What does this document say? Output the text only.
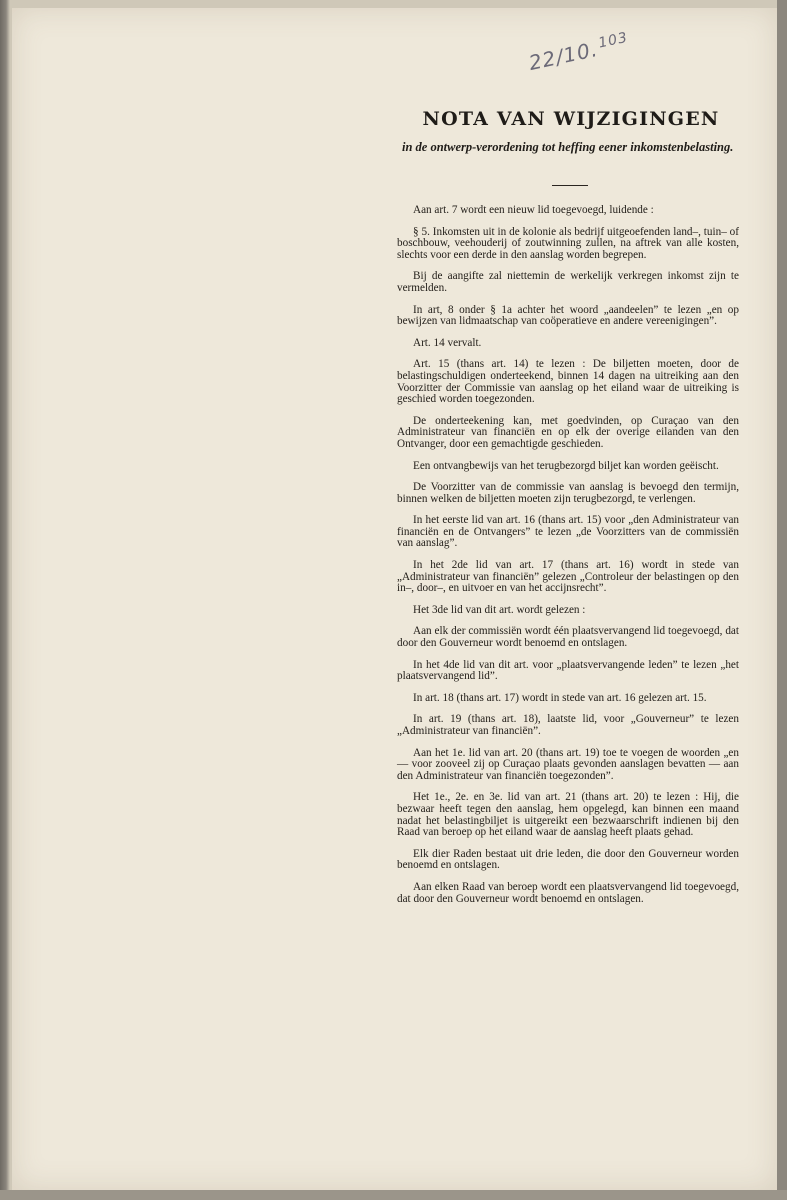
22/10.$^{103}$
NOTA VAN WIJZIGINGEN

in de ontwerp-verordening tot heffing eener inkomstenbelasting.

Aan art. 7 wordt een nieuw lid toegevoegd, luidende :

§ 5. Inkomsten uit in de kolonie als bedrijf uitgeoefenden land–, tuin– of boschbouw, veehouderij of zoutwinning zullen, na aftrek van alle kosten, slechts voor een derde in den aanslag worden begrepen.

Bij de aangifte zal niettemin de werkelijk verkregen inkomst zijn te vermelden.

In art, 8 onder § 1a achter het woord „aandeelen” te lezen „en op bewijzen van lidmaatschap van coöperatieve en andere vereenigingen”.

Art. 14 vervalt.

Art. 15 (thans art. 14) te lezen : De biljetten moeten, door de belastingschuldigen onderteekend, binnen 14 dagen na uitreiking aan den Voorzitter der Commissie van aanslag op het eiland waar de uitreiking is geschied worden toegezonden.

De onderteekening kan, met goedvinden, op Curaçao van den Administrateur van financiën en op elk der overige eilanden van den Ontvanger, door een gemachtigde geschieden.

Een ontvangbewijs van het terugbezorgd biljet kan worden geëischt.

De Voorzitter van de commissie van aanslag is bevoegd den termijn, binnen welken de biljetten moeten zijn terugbezorgd, te verlengen.

In het eerste lid van art. 16 (thans art. 15) voor „den Administrateur van financiën en de Ontvangers” te lezen „de Voorzitters van de commissiën van aanslag”.

In het 2de lid van art. 17 (thans art. 16) wordt in stede van „Administrateur van financiën” gelezen „Controleur der belastingen op den in–, door–, en uitvoer en van het accijnsrecht”.

Het 3de lid van dit art. wordt gelezen :

Aan elk der commissiën wordt één plaatsvervangend lid toegevoegd, dat door den Gouverneur wordt benoemd en ontslagen.

In het 4de lid van dit art. voor „plaatsvervangende leden” te lezen „het plaatsvervangend lid”.

In art. 18 (thans art. 17) wordt in stede van art. 16 gelezen art. 15.

In art. 19 (thans art. 18), laatste lid, voor „Gouverneur” te lezen „Administrateur van financiën”.

Aan het 1e. lid van art. 20 (thans art. 19) toe te voegen de woorden „en — voor zooveel zij op Curaçao plaats gevonden aanslagen bevatten — aan den Administrateur van financiën toegezonden”.

Het 1e., 2e. en 3e. lid van art. 21 (thans art. 20) te lezen : Hij, die bezwaar heeft tegen den aanslag, hem opgelegd, kan binnen een maand nadat het belastingbiljet is uitgereikt een bezwaarschrift indienen bij den Raad van beroep op het eiland waar de aanslag heeft plaats gehad.

Elk dier Raden bestaat uit drie leden, die door den Gouverneur worden benoemd en ontslagen.

Aan elken Raad van beroep wordt een plaatsvervangend lid toegevoegd, dat door den Gouverneur wordt benoemd en ontslagen.
